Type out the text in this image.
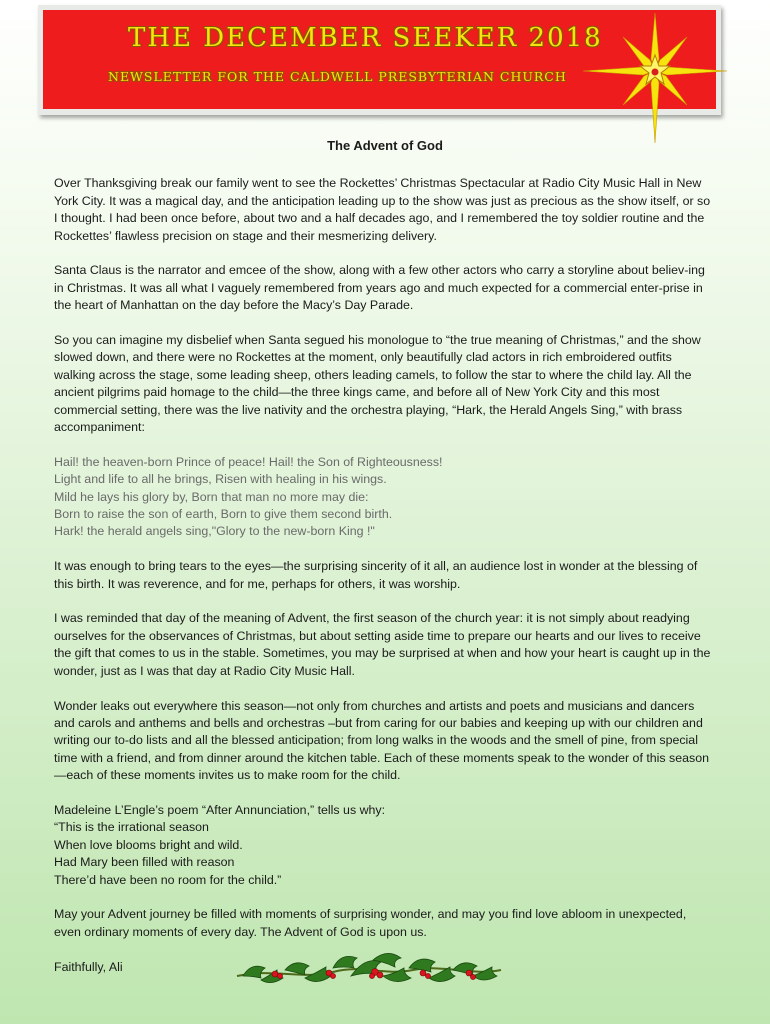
THE DECEMBER SEEKER 2018
NEWSLETTER FOR THE CALDWELL PRESBYTERIAN CHURCH
The Advent of God

Over Thanksgiving break our family went to see the Rockettes’ Christmas Spectacular at Radio City Music Hall in New York City. It was a magical day, and the anticipation leading up to the show was just as precious as the show itself, or so I thought. I had been once before, about two and a half decades ago, and I remembered the toy soldier routine and the Rockettes’ flawless precision on stage and their mesmerizing delivery.

Santa Claus is the narrator and emcee of the show, along with a few other actors who carry a storyline about believ-ing in Christmas. It was all what I vaguely remembered from years ago and much expected for a commercial enter-prise in the heart of Manhattan on the day before the Macy’s Day Parade.

So you can imagine my disbelief when Santa segued his monologue to “the true meaning of Christmas,” and the show slowed down, and there were no Rockettes at the moment, only beautifully clad actors in rich embroidered outfits walking across the stage, some leading sheep, others leading camels, to follow the star to where the child lay. All the ancient pilgrims paid homage to the child—the three kings came, and before all of New York City and this most commercial setting, there was the live nativity and the orchestra playing, “Hark, the Herald Angels Sing,” with brass accompaniment:

Hail! the heaven-born Prince of peace! Hail! the Son of Righteousness!
Light and life to all he brings, Risen with healing in his wings.
Mild he lays his glory by, Born that man no more may die:
Born to raise the son of earth, Born to give them second birth.
Hark! the herald angels sing,"Glory to the new-born King !"

It was enough to bring tears to the eyes—the surprising sincerity of it all, an audience lost in wonder at the blessing of this birth. It was reverence, and for me, perhaps for others, it was worship.

I was reminded that day of the meaning of Advent, the first season of the church year: it is not simply about readying ourselves for the observances of Christmas, but about setting aside time to prepare our hearts and our lives to receive the gift that comes to us in the stable. Sometimes, you may be surprised at when and how your heart is caught up in the wonder, just as I was that day at Radio City Music Hall.

Wonder leaks out everywhere this season—not only from churches and artists and poets and musicians and dancers and carols and anthems and bells and orchestras –but from caring for our babies and keeping up with our children and writing our to-do lists and all the blessed anticipation; from long walks in the woods and the smell of pine, from special time with a friend, and from dinner around the kitchen table. Each of these moments speak to the wonder of this season—each of these moments invites us to make room for the child.

Madeleine L’Engle’s poem “After Annunciation,” tells us why:
“This is the irrational season
When love blooms bright and wild.
Had Mary been filled with reason
There’d have been no room for the child.”

May your Advent journey be filled with moments of surprising wonder, and may you find love abloom in unexpected, even ordinary moments of every day. The Advent of God is upon us.

Faithfully, Ali
